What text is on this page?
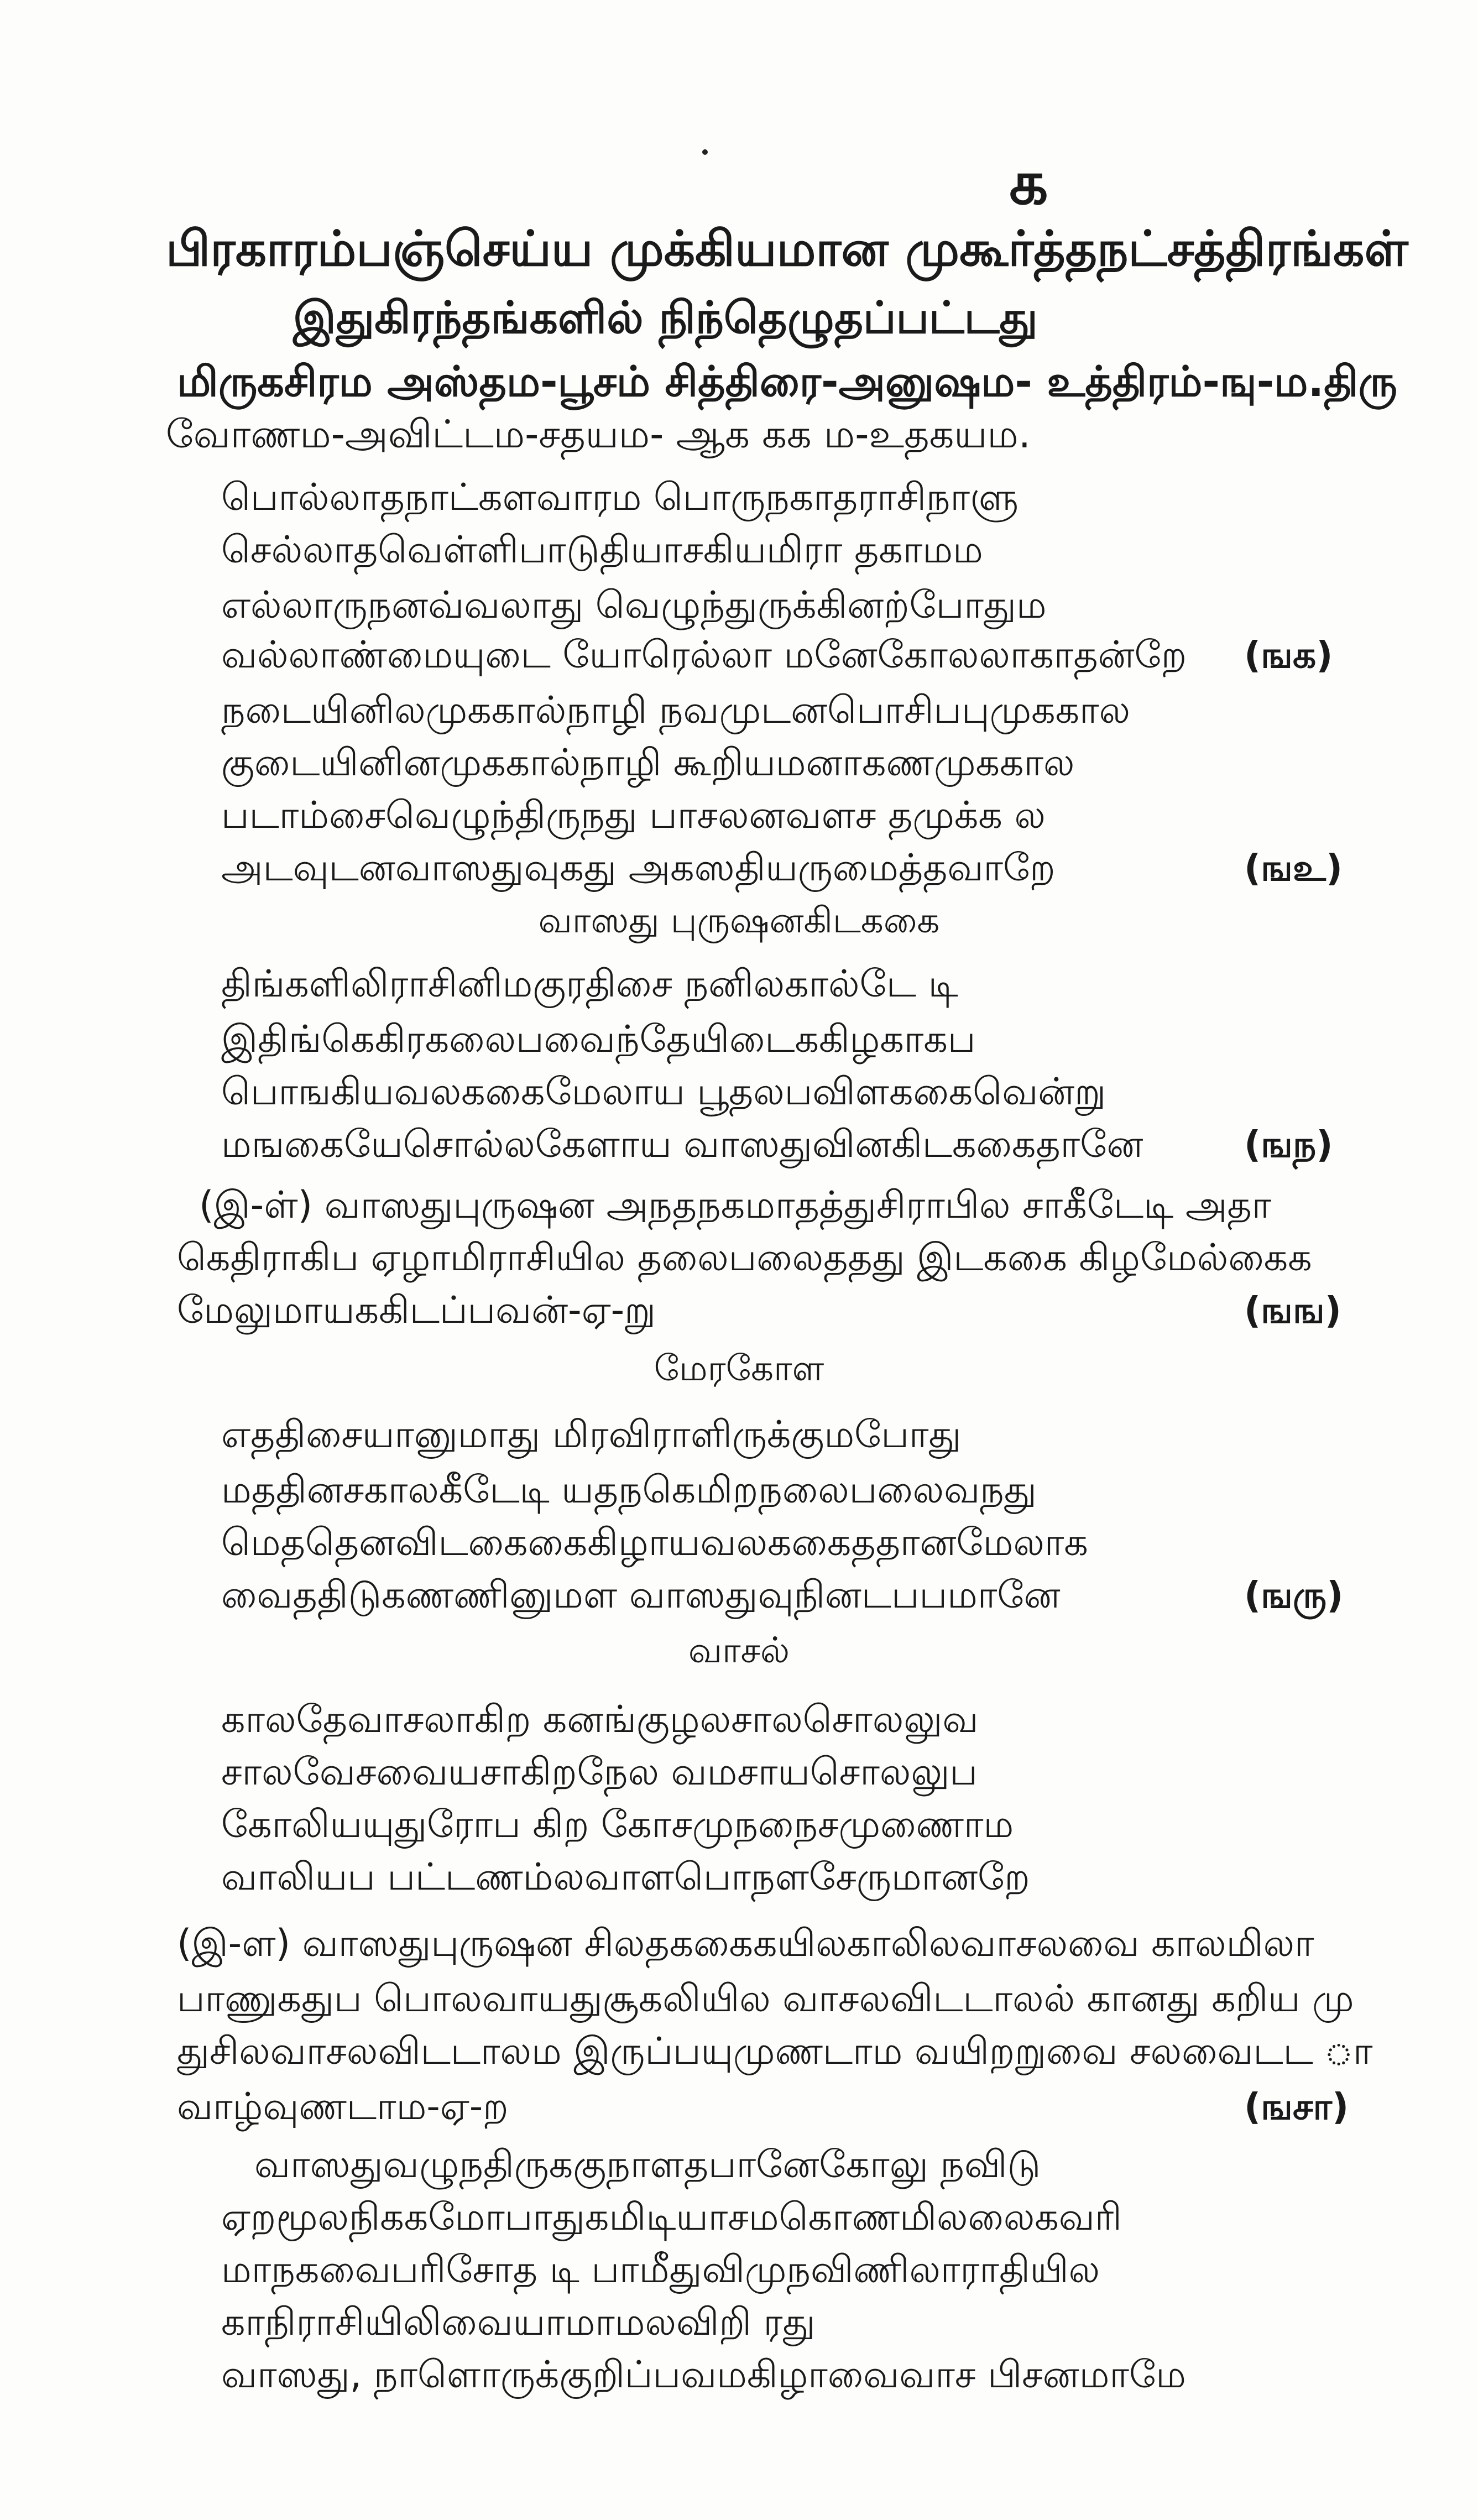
௧
பிரகாரம்பஞ்செய்ய முக்கியமான முகூர்த்தநட்சத்திரங்கள்
இதுகிரந்தங்களில் நிந்தெழுதப்பட்டது
மிருகசிரம அஸ்தம-பூசம் சித்திரை-அனுஷம- உத்திரம்-ஙு-ம.திரு
வோணம-அவிட்டம-சதயம- ஆக கக ம-உதகயம.
பொல்லாதநாட்களவாரம பொருநகாதராசிநாளு
செல்லாதவெள்ளிபாடுதியாசகியமிரா தகாமம
எல்லாருநனவ்வலாது வெழுந்துருக்கினற்போதும
வல்லாண்மையுடை யோரெல்லா மனேகோலலாகாதன்றே (ஙக)
நடையினிலமுககால்நாழி நவமுடனபொசிபபுமுககால
குடையினினமுககால்நாழி கூறியமனாகணமுககால
படாம்சைவெழுந்திருநது பாசலனவளச தமுக்க ல
அடவுடனவாஸதுவுகது அகஸதியருமைத்தவாறே	(ஙஉ)
வாஸது புருஷனகிடககை
திங்களிலிராசினிமகுரதிசை நனிலகால்டே டி
இதிங்கெகிரகலைபவைந்தேயிடைககிழகாகப
பொஙகியவலககைமேலாய பூதலபவிளககைவென்று
மஙகையேசொல்லகேளாய வாஸதுவினகிடககைதானே	(ஙந)
(இ-ள்) வாஸதுபுருஷன அநதநகமாதத்துசிராபில சாகீடேடி அதா
கெதிராகிப ஏழாமிராசியில தலைபலைததது இடககை கிழமேல்கைக
மேலுமாயககிடப்பவன்-ஏ-று	(ஙங)
மேரகோள
எததிசையானுமாது மிரவிராளிருக்குமபோது
மததினசகாலகீடேடி யதநகெமிறநலைபலைவநது
மெததெனவிடகைகைகிழாயவலககைததானமேலாக
வைததிடுகணணினுமள வாஸதுவுநினடபபமானே	(ஙரு)
வாசல்
காலதேவாசலாகிற கனங்குழலசாலசொலலுவ
சாலவேசவையசாகிறநேல வமசாயசொலலுப
கோலியயுதுரோப கிற கோசமுநநைசமுணைாம
வாலியப பட்டணம்லவாளபொநளசேருமானறே
(இ-ள) வாஸதுபுருஷன சிலதககைகயிலகாலிலவாசலவை காலமிலா
பாணுகதுப பொலவாயதுசூகலியில வாசலவிடடாலல் கானது கறிய மு
துசிலவாசலவிடடாலம இருப்பயுமுணடாம வயிறறுவை சலவைடட ா
வாழ்வுணடாம-ஏ-ற	(ஙசா)
வாஸதுவழுநதிருககுநாளதபானேகோலு நவிடு
ஏறமூலநிககமோபாதுகமிடியாசமகொணமிலலைகவரி
மாநகவைபரிசோத டி பாமீதுவிமுநவிணிலாராதியில
காநிராசியிலிவையாமாமலவிறி ரது
வாஸது, நாளொருக்குறிப்பவமகிழாவைவாச பிசனமாமே
